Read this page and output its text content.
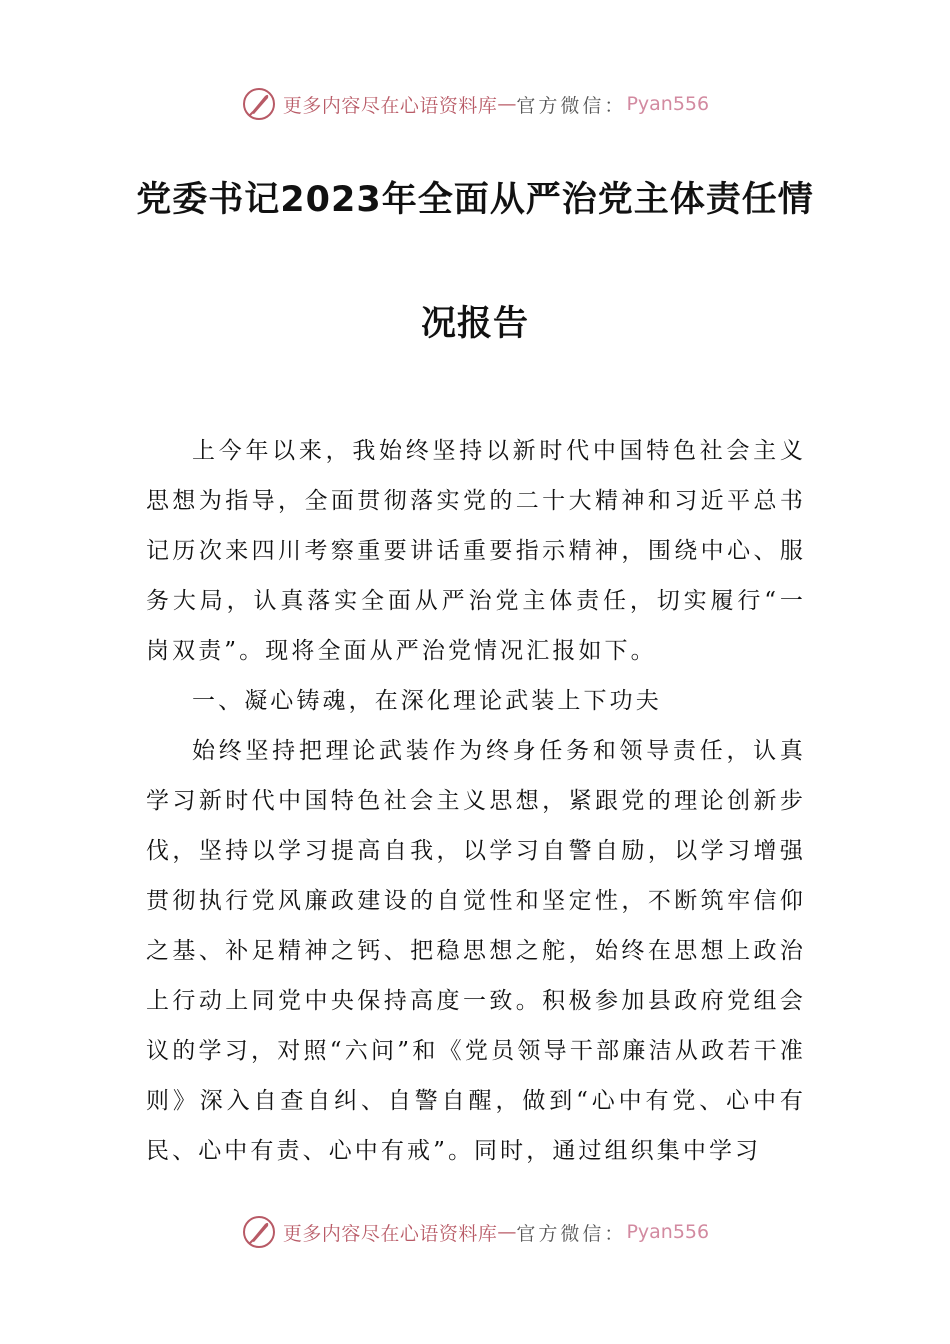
更多内容尽在心语资料库 — 官方微信： Pyan556
党委书记2023年全面从严治党主体责任情
况报告

上今年以来，我始终坚持以新时代中国特色社会主义思想为指导，全面贯彻落实党的二十大精神和习近平总书记历次来四川考察重要讲话重要指示精神，围绕中心、服务大局，认真落实全面从严治党主体责任，切实履行“一岗双责”。现将全面从严治党情况汇报如下。

一、凝心铸魂，在深化理论武装上下功夫

始终坚持把理论武装作为终身任务和领导责任，认真学习新时代中国特色社会主义思想，紧跟党的理论创新步伐，坚持以学习提高自我，以学习自警自励，以学习增强贯彻执行党风廉政建设的自觉性和坚定性，不断筑牢信仰之基、补足精神之钙、把稳思想之舵，始终在思想上政治上行动上同党中央保持高度一致。积极参加县政府党组会议的学习，对照“六问”和《党员领导干部廉洁从政若干准则》深入自查自纠、自警自醒，做到“心中有党、心中有民、心中有责、心中有戒”。同时，通过组织集中学习

更多内容尽在心语资料库 — 官方微信： Pyan556
